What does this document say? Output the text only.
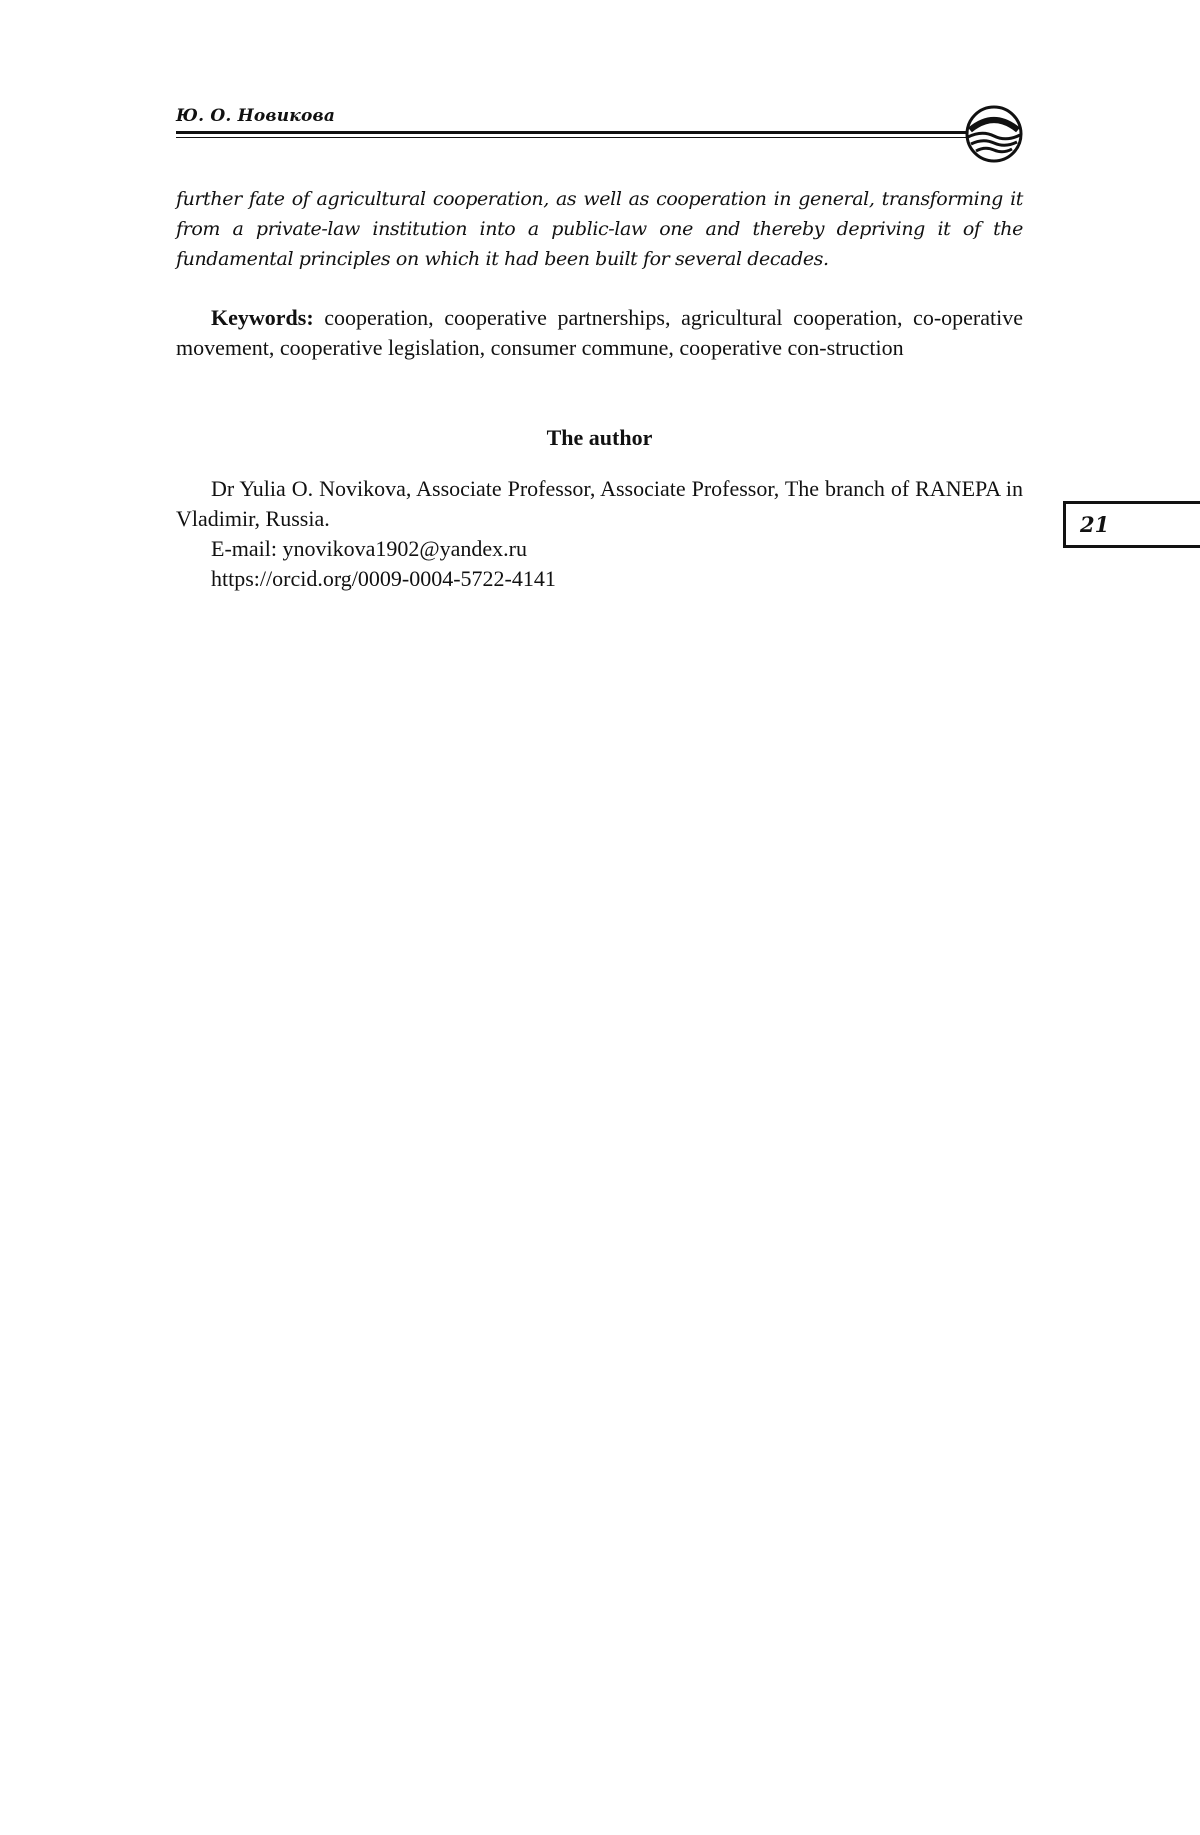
Ю. О. Новикова

further fate of agricultural cooperation, as well as cooperation in general, transforming it from a private-law institution into a public-law one and thereby depriving it of the fundamental principles on which it had been built for several decades.

Keywords: cooperation, cooperative partnerships, agricultural cooperation, co-operative movement, cooperative legislation, consumer commune, cooperative con-struction

The author

Dr Yulia O. Novikova, Associate Professor, Associate Professor, The branch of RANEPA in Vladimir, Russia.

E-mail: ynovikova1902@yandex.ru

https://orcid.org/0009-0004-5722-4141

21
